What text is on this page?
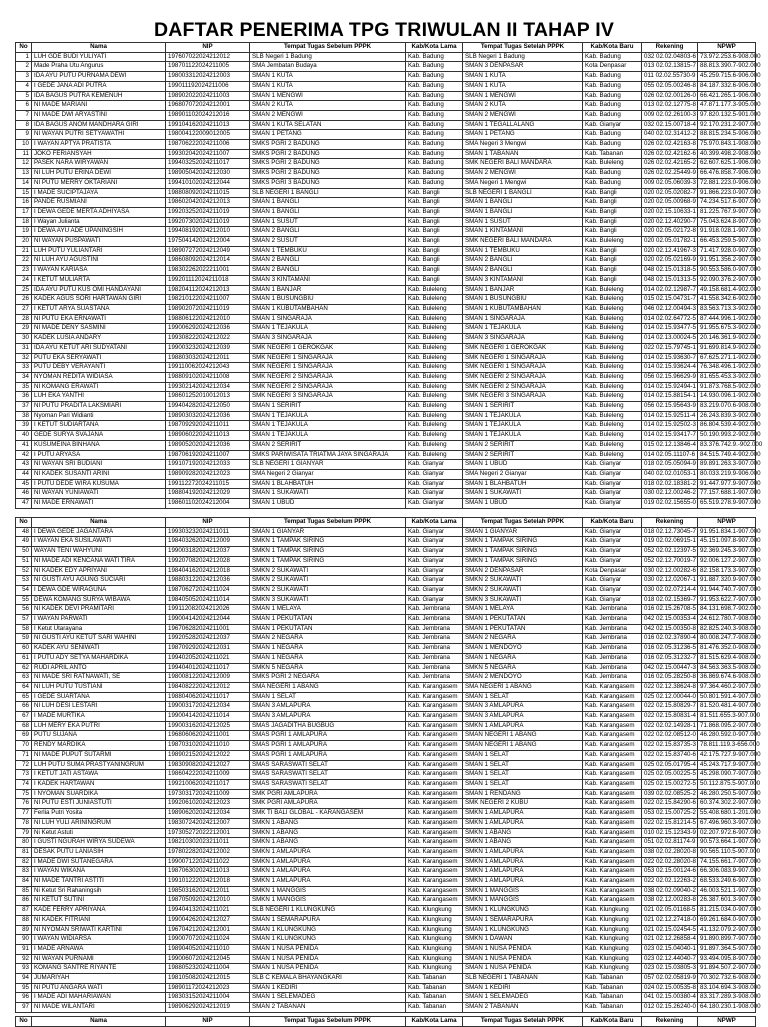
DAFTAR PENERIMA TPG TRIWULAN II TAHAP IV
No	Nama	NIP	Tempat Tugas Sebelum PPPK	Kab/Kota Lama	Tempat Tugas Setelah PPPK	Kab/Kota Baru	Rekening	NPWP
1	LUH GDE BUDI YULIYATI	197607022024212012	SLB Negeri 1 Badung	Kab. Badung	SLB Negeri 1 Badung	Kab. Badung	032 02.02.04803-6	73.972.253.6-908.000
2	Made Praha Utu Angurus	198701122024211005	SMA Jembatan Budaya	Kab. Badung	SMAN 3 DENPASAR	Kota Denpasar	013 02.02.13815-7	88.813.390.7-902.000
3	IDA AYU PUTU PURNAMA DEWI	198003312024212003	SMAN 1 KUTA	Kab. Badung	SMAN 1 KUTA	Kab. Badung	011 02.02.55730-9	45.259.715.6-906.000
4	I GEDE JANA ADI PUTRA	199011192024211006	SMAN 1 KUTA	Kab. Badung	SMAN 1 KUTA	Kab. Badung	055 02.05.00246-8	84.187.332.6-906.000
5	IDA BAGUS PUTRA KEMENUH	198902022024211003	SMAN 1 MENGWI	Kab. Badung	SMAN 1 MENGWI	Kab. Badung	026 02.02.00126-0	66.421.265.1-906.000
6	NI MADE MARIANI	196807072024212001	SMAN 2 KUTA	Kab. Badung	SMAN 2 KUTA	Kab. Badung	013 02.02.12775-8	47.871.177.3-905.000
7	NI MADE DWI ARYASTINI	198901102024212016	SMAN 2 MENGWI	Kab. Badung	SMAN 2 MENGWI	Kab. Badung	009 02.02.26100-3	97.820.132.5-901.000
8	IDA BAGUS ANOM MANDHARA GIRI	199104162024211013	SMAN 1 KUTA SELATAN	Kab. Badung	SMAN 1 TEGALLALANG	Kab. Gianyar	032 02.15.00718-4	92.170.231.2-907.000
9	NI WAYAN PUTRI SETYAWATHI	198004122009012005	SMAN 1 PETANG	Kab. Badung	SMAN 1 PETANG	Kab. Badung	040 02.02.31412-2	88.815.234.5-906.000
10	I WAYAN APTYA PRATISTA	198706222024211006	SMKS PGRI 2 BADUNG	Kab. Badung	SMA Negeri 3 Mengwi	Kab. Badung	026 02.02.42163-8	75.970.843.1-908.000
11	JOKO FERIANSYAH	199302042024211007	SMKS PGRI 2 BADUNG	Kab. Badung	SMAN 1 TABANAN	Kab. Tabanan	026 02.02.42162-6	40.399.498.2-908.000
12	PASEK NARA WIRYAWAN	199403252024211017	SMKS PGRI 2 BADUNG	Kab. Badung	SMK NEGERI BALI MANDARA	Kab. Buleleng	026 02.02.42165-2	62.607.625.1-906.000
13	NI LUH PUTU ERINA DEWI	198905042024212030	SMKS PGRI 2 BADUNG	Kab. Badung	SMAN 2 MENGWI	Kab. Badung	026 02.02.25449-9	66.476.858.7-906.000
14	NI PUTU MERRY OKTARIANI	199410102024212044	SMKS PGRI 3 BADUNG	Kab. Badung	SMA Negeri 1 Mengwi	Kab. Badung	009 02.05.06039-3	72.881.223.0-906.000
15	I MADE SUCIPTAJAYA	198808092024211015	SLB NEGERI 1 BANGLI	Kab. Bangli	SLB NEGERI 1 BANGLI	Kab. Bangli	020 02.05.02082-7	91.866.223.0-907.000
16	PANDE RUSMIANI	198602042024212013	SMAN 1 BANGLI	Kab. Bangli	SMAN 1 BANGLI	Kab. Bangli	020 02.05.00968-9	74.234.517.6-907.000
17	I DEWA GEDE MERTA ADHIYASA	199203252024211019	SMAN 1 BANGLI	Kab. Bangli	SMAN 1 BANGLI	Kab. Bangli	020 02.15.10633-1	81.225.767.9-907.000
18	I Wayan Julianta	199207302024211019	SMAN 1 SUSUT	Kab. Bangli	SMAN 1 SUSUT	Kab. Bangli	020 02.12.40290-7	75.043.624.8-907.000
19	I DEWA AYU ADE UPANINGSIH	199408192024212010	SMAN 2 BANGLI	Kab. Bangli	SMAN 1 KINTAMANI	Kab. Bangli	020 02.05.02172-8	91.918.028.1-907.000
20	NI WAYAN PUSPAWATI	197504142024212004	SMAN 2 SUSUT	Kab. Bangli	SMK NEGERI BALI MANDARA	Kab. Buleleng	020 02.05.01782-1	66.453.259.5-907.000
21	LUH PUTU YULIANTARI	198907272024212049	SMAN 1 TEMBUKU	Kab. Bangli	SMAN 1 TEMBUKU	Kab. Bangli	020 02.12.41967-3	71.417.928.0-907.000
22	NI LUH AYU AGUSTINI	198608092024212014	SMAN 2 BANGLI	Kab. Bangli	SMAN 2 BANGLI	Kab. Bangli	020 02.05.02169-9	91.951.356.2-907.000
23	I WAYAN KARIASA	198302262022211001	SMAN 2 BANGLI	Kab. Bangli	SMAN 2 BANGLI	Kab. Bangli	048 02.15.01318-5	90.553.586.0-907.000
24	I KETUT MULIARTA	199201112024211018	SMAN 3 KINTAMANI	Kab. Bangli	SMAN 3 KINTAMANI	Kab. Bangli	048 02.15.01313-5	92.090.376.2-907.000
25	IDA AYU PUTU KUS OMI HANDAYANI	198204112024212013	SMAN 1 BANJAR	Kab. Buleleng	SMAN 1 BANJAR	Kab. Buleleng	014 02.02.12987-7	49.158.681.4-902.000
26	KADEK AGUS SORI HARTAWAN GIRI	198210122024211007	SMAN 1 BUSUNGBIU	Kab. Buleleng	SMAN 1 BUSUNGBIU	Kab. Buleleng	015 02.15.04731-7	41.558.342.6-902.000
27	I KETUT ARYA SUASTANA	198902072024211019	SMAN 1 KUBUTAMBAHAN	Kab. Buleleng	SMAN 1 KUBUTAMBAHAN	Kab. Buleleng	046 02.12.00494-3	83.563.713.3-902.000
28	NI PUTU EKA ERNAWATI	198806122024212010	SMAN 1 SINGARAJA	Kab. Buleleng	SMAN 1 SINGARAJA	Kab. Buleleng	014 02.02.64772-5	87.444.996.1-902.000
29	NI MADE DENY SASMINI	199006292024212036	SMAN 1 TEJAKULA	Kab. Buleleng	SMAN 1 TEJAKULA	Kab. Buleleng	014 02.15.93477-5	91.955.675.3-902.000
30	KADEK LUSIA ANDARY	199308222024212022	SMAN 3 SINGARAJA	Kab. Buleleng	SMAN 3 SINGARAJA	Kab. Buleleng	014 02.13.00024-5	20.146.361.9-902.000
31	IDA AYU KETUT ARI SUDYATANI	199003232024212039	SMK NEGERI 1 GEROKGAK	Kab. Buleleng	SMK NEGERI 1 GEROKGAK	Kab. Buleleng	022 02.15.79745-1	91.699.814.9-902.000
32	PUTU EKA SERYAWATI	198803032024212011	SMK NEGERI 1 SINGARAJA	Kab. Buleleng	SMK NEGERI 1 SINGARAJA	Kab. Buleleng	014 02.15.93630-7	67.625.271.1-902.000
33	PUTU DEBY VERAYANTI	199110062024212043	SMK NEGERI 1 SINGARAJA	Kab. Buleleng	SMK NEGERI 1 SINGARAJA	Kab. Buleleng	014 02.15.93624-4	76.348.496.1-902.000
34	NYOMAN REDITA WIDIASA	198809102024211008	SMK NEGERI 2 SINGARAJA	Kab. Buleleng	SMK NEGERI 2 SINGARAJA	Kab. Buleleng	056 02.15.96629-9	81.655.453.3-902.000
35	NI KOMANG ERAWATI	199302142024212034	SMK NEGERI 2 SINGARAJA	Kab. Buleleng	SMK NEGERI 2 SINGARAJA	Kab. Buleleng	014 02.15.92494-1	91.873.768.5-902.000
36	LUH EKA YANTHI	198601252010012013	SMK NEGERI 3 SINGARAJA	Kab. Buleleng	SMK NEGERI 3 SINGARAJA	Kab. Buleleng	014 02.15.88154-1	14.930.096.1-902.000
37	NI PUTU PRADITA LAKSMIARI	199404282024212050	SMAN 1 SERIRIT	Kab. Buleleng	SMAN 1 SERIRIT	Kab. Buleleng	056 02.15.95643-9	83.219.070.6-908.000
38	Nyoman Pari Widianti	198903032024212036	SMAN 1 TEJAKULA	Kab. Buleleng	SMAN 1 TEJAKULA	Kab. Buleleng	014 02.15.92511-4	26.243.839.3-902.000
39	I KETUT SUDIARTANA	198709292024211011	SMAN 1 TEJAKULA	Kab. Buleleng	SMAN 1 TEJAKULA	Kab. Buleleng	014 02.15.92502-3	86.804.539.4-902.000
40	GEDE SURYA SVAJANA	198906022024211013	SMAN 1 TEJAKULA	Kab. Buleleng	SMAN 1 TEJAKULA	Kab. Buleleng	014 02.15.93417-7	50.190.993.2-902.000
41	KUSUMEINA BINHANA	198905202024212036	SMAN 2 SERIRIT	Kab. Buleleng	SMAN 2 SERIRIT	Kab. Buleleng	015 02.12.13846-4	83.376.742.9.-902.000
42	I PUTU ARYASA	198706192024211007	SMKS PARIWISATA TRIATMA JAYA SINGARAJA	Kab. Buleleng	SMAN 2 SERIRIT	Kab. Buleleng	014 02.05.11107-6	84.515.749.4-902.000
43	NI WAYAN SRI BUDIANI	199107192024212033	SLB NEGERI 1 GIANYAR	Kab. Gianyar	SMAN 1 UBUD	Kab. Gianyar	018 02.05.05094-9	89.891.263.3-907.000
44	NI KADEK SUSANTI ARINI	198909282024212023	SMA Negeri 2 Gianyar	Kab. Gianyar	SMA Negeri 2 Gianyar	Kab. Gianyar	040 02.02.01053-1	80.033.219.9-906.000
45	I PUTU DEDE WIRA KUSUMA	199112272024211015	SMAN 1 BLAHBATUH	Kab. Gianyar	SMAN 1 BLAHBATUH	Kab. Gianyar	018 02.02.18381-2	91.447.977.9-907.000
46	NI WAYAN YUNIAWATI	198804192024212029	SMAN 1 SUKAWATI	Kab. Gianyar	SMAN 1 SUKAWATI	Kab. Gianyar	030 02.12.00246-2	77.157.688.1-907.000
47	NI MADE ERNAWATI	198601102024212004	SMAN 1 UBUD	Kab. Gianyar	SMAN 1 UBUD	Kab. Gianyar	019 02.02.15655-0	65.519.278.9-907.000
No	Nama	NIP	Tempat Tugas Sebelum PPPK	Kab/Kota Lama	Tempat Tugas Setelah PPPK	Kab/Kota Baru	Rekening	NPWP
48	I DEWA GEDE JAGANTARA	199303232024211011	SMAN 1 GIANYAR	Kab. Gianyar	SMAN 1 GIANYAR	Kab. Gianyar	018 02.12.73045-7	91.951.834.1-907.000
49	I WAYAN EKA SUSILAWATI	198403262024212009	SMKN 1 TAMPAK SIRING	Kab. Gianyar	SMKN 1 TAMPAK SIRING	Kab. Gianyar	019 02.02.06915-1	45.151.097.8-907.000
50	WAYAN TENI WAHYUNI	199003182024212037	SMKN 1 TAMPAK SIRING	Kab. Gianyar	SMKN 1 TAMPAK SIRING	Kab. Gianyar	052 02.02.12397-5	92.369.245.3-907.000
51	NI MADE ADI KENCANA WATI TIRA	199207082024212028	SMKN 1 TAMPAK SIRING	Kab. Gianyar	SMKN 1 TAMPAK SIRING	Kab. Gianyar	052 02.12.70019-7	92.006.127.2-907.000
52	NI KADEK EDY APRIYANI	198404162024212018	SMKN 2 SUKAWATI	Kab. Gianyar	SMAN 2 DENPASAR	Kota Denpasar	030 02.12.00282-6	82.158.173.3-907.000
53	NI GUSTI AYU AGUNG SUCIARI	198803122024212036	SMKN 2 SUKAWATI	Kab. Gianyar	SMKN 2 SUKAWATI	Kab. Gianyar	030 02.12.02067-1	91.887.320.9-907.000
54	I DEWA GDE WIRAGUNA	198706272024211024	SMKN 2 SUKAWATI	Kab. Gianyar	SMKN 2 SUKAWATI	Kab. Gianyar	030 02.02.07214-4	91.944.740.7-907.000
55	DEWA KOMANG SURYA WIBAWA	198405052024211014	SMKN 3 SUKAWATI	Kab. Gianyar	SMKN 3 SUKAWATI	Kab. Gianyar	018 02.02.15369-7	91.953.622.7-907.000
56	NI KADEK DEVI PRAMITARI	199112082024212026	SMAN 1 MELAYA	Kab. Jembrana	SMAN 1 MELAYA	Kab. Jembrana	016 02.15.26708-5	84.131.698.7-902.000
57	I WAYAN PARWATI	199004142024212044	SMAN 1 PEKUTATAN	Kab. Jembrana	SMAN 1 PEKUTATAN	Kab. Jembrana	042 02.15.00353-4	24.612.780.7-908.000
58	I Ketut Utarayana	196706282024211001	SMAN 1 PEKUTATAN	Kab. Jembrana	SMAN 1 PEKUTATAN	Kab. Jembrana	042 02.15.00350-8	82.825.240.3-908.000
59	NI GUSTI AYU KETUT SARI WAHINI	199205282024212037	SMAN 2 NEGARA	Kab. Jembrana	SMAN 2 NEGARA	Kab. Jembrana	016 02.02.37890-4	80.008.247.7-908.000
60	KADEK AYU SENIWATI	198709292024212031	SMAN 1 NEGARA	Kab. Jembrana	SMAN 1 MENDOYO	Kab. Jembrana	016 02.05.31236-5	81.476.352.0-908.000
61	I PUTU ADY SETYA MAHARDIKA	199402052024211021	SMAN 1 NEGARA	Kab. Jembrana	SMAN 1 NEGARA	Kab. Jembrana	016 02.05.31232-7	81.515.629.4-908.000
62	RUDI APRIL ANTO	199404012024211017	SMKN 5 NEGARA	Kab. Jembrana	SMKN 5 NEGARA	Kab. Jembrana	042 02.15.00447-3	84.563.363.5-908.000
63	NI MADE SRI RATNAWATI, SE	198008122024212009	SMKS PGRI 2 NEGARA	Kab. Jembrana	SMAN 2 MENDOYO	Kab. Jembrana	016 02.05.28250-8	36.869.674.6-908.000
64	NI LUH PUTU TUSTIANI	198408222024212012	SMA NEGERI 1 ABANG	Kab. Karangasem	SMA NEGERI 1 ABANG	Kab. Karangasem	022 02.12.38624-8	97.364.460.2-907.000
65	I GEDE SUARTANA	198804062024211017	SMAN 1 SELAT	Kab. Karangasem	SMAN 1 SELAT	Kab. Karangasem	025 02.12.00044-0	50.801.591.4-907.000
66	NI LUH DESI LESTARI	199003172024212034	SMAN 3 AMLAPURA	Kab. Karangasem	SMAN 3 AMLAPURA	Kab. Karangasem	022 02.15.80829-7	81.520.481.4-907.000
67	I MADE MURTIKA	199004142024211014	SMAN 3 AMLAPURA	Kab. Karangasem	SMAN 3 AMLAPURA	Kab. Karangasem	022 02.15.80831-4	81.511.655.3-907.000
68	LUH MERY EKA PUTRI	199003162024212025	SMAS JAGADITHA BUGBUG	Kab. Karangasem	SMKN 1 AMLAPURA	Kab. Karangasem	022 02.02.14928-1	71.868.095.2-907.000
69	PUTU SUJANA	196806062024211001	SMAS PGRI 1 AMLAPURA	Kab. Karangasem	SMAN NEGERI 1 ABANG	Kab. Karangasem	022 02.02.08512-0	46.280.592.0-907.000
70	RENDY MARDIKA	198703102024211010	SMAS PGRI 1 AMLAPURA	Kab. Karangasem	SMAN NEGERI 1 ABANG	Kab. Karangasem	022 02.15.83735-3	78.811.119.3-656.000
71	NI MADE PUPUT SUTARMI	198902152024212022	SMAS PGRI 1 AMLAPURA	Kab. Karangasem	SMAN 1 SELAT	Kab. Karangasem	022 02.15.83740-6	42.175.727.9-907.000
72	LUH PUTU SUMA PRASTYANINGRUM	198309082024212027	SMAS SARASWATI SELAT	Kab. Karangasem	SMAN 1 SELAT	Kab. Karangasem	025 02.05.01795-4	45.243.717.9-907.000
73	I KETUT JATI ASTAWA	198604222024211009	SMAS SARASWATI SELAT	Kab. Karangasem	SMAN 1 SELAT	Kab. Karangasem	025 02.05.00225-5	45.298.090.7-907.000
74	I KADEK HARTAWAN	199210062024211017	SMAS SARASWATI SELAT	Kab. Karangasem	SMAN 1 SELAT	Kab. Karangasem	025 02.15.00272-5	50.112.875.5-907.000
75	I NYOMAN SUARDIKA	197303172024211009	SMK PGRI AMLAPURA	Kab. Karangasem	SMAN 1 RENDANG	Kab. Karangasem	039 02.02.08525-2	46.280.250.5-907.000
76	NI PUTU ESTI JUNIASTUTI	199206102024212023	SMK PGRI AMLAPURA	Kab. Karangasem	SMK NEGERI 2 KUBU	Kab. Karangasem	022 02.15.84290-6	60.374.302.2-907.000
77	Ferlia Putri Yosita	198906202024212034	SMK TI BALI GLOBAL - KARANGASEM	Kab. Karangasem	SMKN 1 AMLAPURA	Kab. Karangasem	053 02.15.00725-2	55.408.680.1-201.000
78	NI LUH YULI ARININGRUM	198307242024212007	SMKN 1 ABANG	Kab. Karangasem	SMKN 1 AMLAPURA	Kab. Karangasem	022 02.15.81214-5	67.496.960.3-907.000
79	Ni Ketut Astuti	197305272022212001	SMKN 1 ABANG	Kab. Karangasem	SMKN 1 ABANG	Kab. Karangasem	010 02.15.12343-9	02.207.972.6-907.000
80	I GUSTI NGURAH WIRYA SUDEWA	198210302023211011	SMKN 1 ABANG	Kab. Karangasem	SMKN 1 ABANG	Kab. Karangasem	051 02.02.81174-9	90.573.664.1-907.000
81	DESAK PUTU LANIASIH	197802282024212002	SMKN 1 AMLAPURA	Kab. Karangasem	SMKN 1 AMLAPURA	Kab. Karangasem	038 02.02.28020-8	90.565.110.5-907.000
82	I MADE DWI SUTANEGARA	199007122024211022	SMKN 1 AMLAPURA	Kab. Karangasem	SMKN 1 AMLAPURA	Kab. Karangasem	022 02.02.28020-8	74.155.661.7-907.000
83	I WAYAN WIKANA	198706302024211013	SMKN 1 AMLAPURA	Kab. Karangasem	SMKN 1 AMLAPURA	Kab. Karangasem	053 02.15.00124-6	66.306.083.9-907.000
84	NI MADE TANTRI ASTITI	199101222024212018	SMKN 1 AMLAPURA	Kab. Karangasem	SMKN 1 AMLAPURA	Kab. Karangasem	022 02.02.12263-2	68.533.249.6-907.000
85	Ni Ketut Sri Rahaningsih	198503162024212011	SMKN 1 MANGGIS	Kab. Karangasem	SMKN 1 MANGGIS	Kab. Karangasem	038 02.02.09040-2	46.003.521.1-907.000
86	NI KETUT SUTINI	198705092024212010	SMKN 1 MANGGIS	Kab. Karangasem	SMKN 1 MANGGIS	Kab. Karangasem	038 02.12.00283-8	26.387.601.3-907.000
87	KADE FERRY APRIYANA	199404132024211021	SLB NEGERI 1 KLUNGKUNG	Kab. Klungkung	SMKN 1 KLUNGKUNG	Kab. Klungkung	021 02.05.01168-5	81.215.034.0-907.000
88	NI KADEK FITRIANI	199004262024212027	SMAN 1 SEMARAPURA	Kab. Klungkung	SMAN 1 SEMARAPURA	Kab. Klungkung	021 02.12.27418-0	69.261.684.0-907.000
89	NI NYOMAN SRIWATI KARTINI	196704212024212001	SMAN 1 KLUNGKUNG	Kab. Klungkung	SMAN 1 KLUNGKUNG	Kab. Klungkung	021 02.15.02454-5	41.132.079.2-907.000
90	I WAYAN WIDIARSA	199007072024211024	SMAN 1 KLUNGKUNG	Kab. Klungkung	SMKN 1 DAWAN	Kab. Klungkung	021 02.12.26858-4	91.890.899.7-907.000
91	I MADE ARNAWA	198904052024211010	SMAN 1 NUSA PENIDA	Kab. Klungkung	SMAN 1 NUSA PENIDA	Kab. Klungkung	023 02.15.04040-1	91.897.364.5-907.000
92	NI WAYAN PURNAMI	199006072024212045	SMAN 1 NUSA PENIDA	Kab. Klungkung	SMAN 1 NUSA PENIDA	Kab. Klungkung	023 02.12.44040-7	93.494.095.8-907.000
93	KOMANG SANTRE RIYANTE	198805232024211004	SMAN 1 NUSA PENIDA	Kab. Klungkung	SMAN 1 NUSA PENIDA	Kab. Klungkung	023 02.15.03805-3	91.894.507.2-907.000
94	JUMARIYAH	198105082024212015	SLB C KEMALA BHAYANGKARI	Kab. Tabanan	SLB NEGERI 1 TABANAN	Kab. Tabanan	057 02.02.05819-9	70.302.732.6-908.000
95	NI PUTU ANGARA WATI	198901172024212023	SMAN 1 KEDIRI	Kab. Tabanan	SMAN 1 KEDIRI	Kab. Tabanan	024 02.15.00535-8	83.104.694.3-908.000
96	I MADE ADI MAHARIAWAN	198303152024211004	SMAN 1 SELEMADEG	Kab. Tabanan	SMAN 1 SELEMADEG	Kab. Tabanan	041 02.15.00380-4	83.317.289.3-908.000
97	NI MADE WILANTARI	198906292024212019	SMAN 2 TABANAN	Kab. Tabanan	SMAN 2 TABANAN	Kab. Tabanan	012 02.15.26240-0	64.180.230.1-908.000
No	Nama	NIP	Tempat Tugas Sebelum PPPK	Kab/Kota Lama	Tempat Tugas Setelah PPPK	Kab/Kota Baru	Rekening	NPWP
